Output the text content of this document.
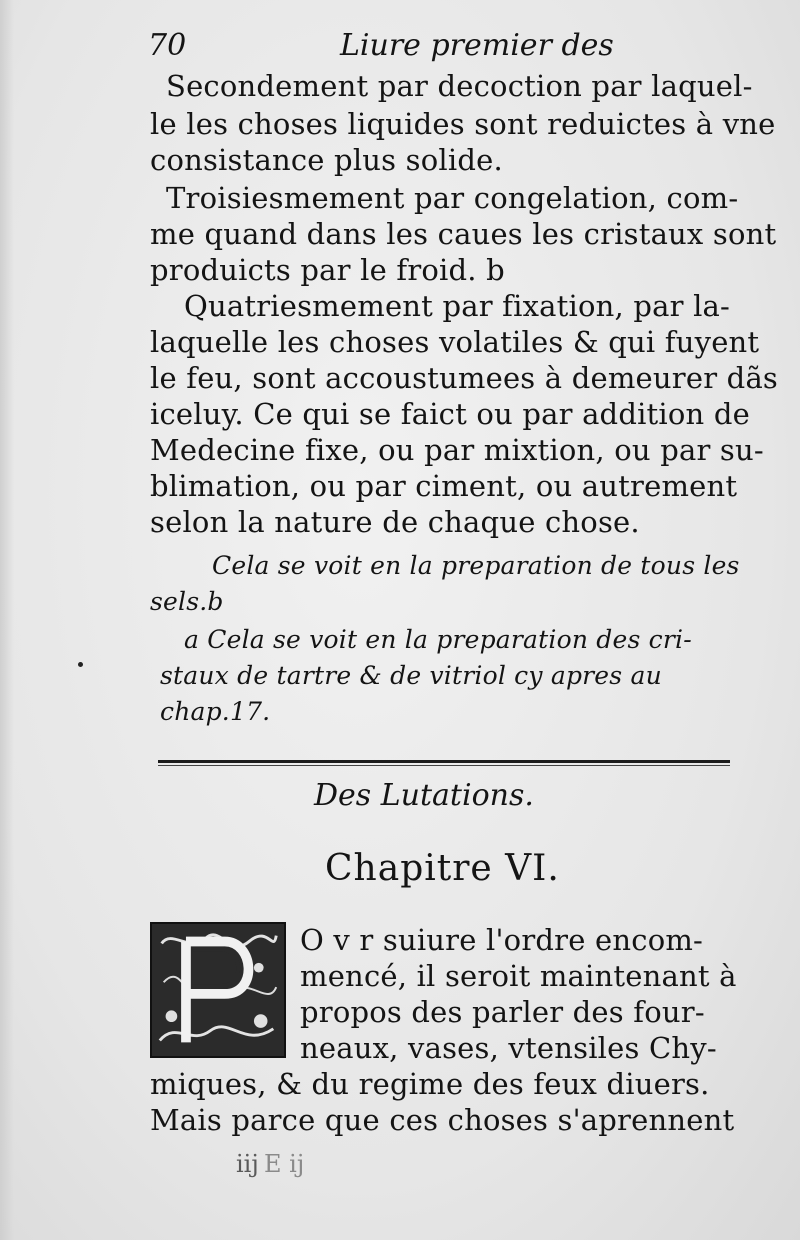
70	Liure premier des
Secondement par decoction par laquel-
le les choses liquides sont reduictes à vne
consistance plus solide.
Troisiesmement par congelation, com-
me quand dans les caues les cristaux sont
produicts par le froid. b
Quatriesmement par fixation, par la-
laquelle les choses volatiles & qui fuyent
le feu, sont accoustumees à demeurer dãs
iceluy. Ce qui se faict ou par addition de
Medecine fixe, ou par mixtion, ou par su-
blimation, ou par ciment, ou autrement
selon la nature de chaque chose.
Cela se voit en la preparation de tous les
sels.b
a Cela se voit en la preparation des cri-
staux de tartre & de vitriol cy apres au
chap.17.
Des Lutations.
Chapitre VI.
O v r suiure l'ordre encom-
mencé, il seroit maintenant à
propos des parler des four-
neaux, vases, vtensiles Chy-
miques, & du regime des feux diuers.
Mais parce que ces choses s'aprennent
iij E ij
